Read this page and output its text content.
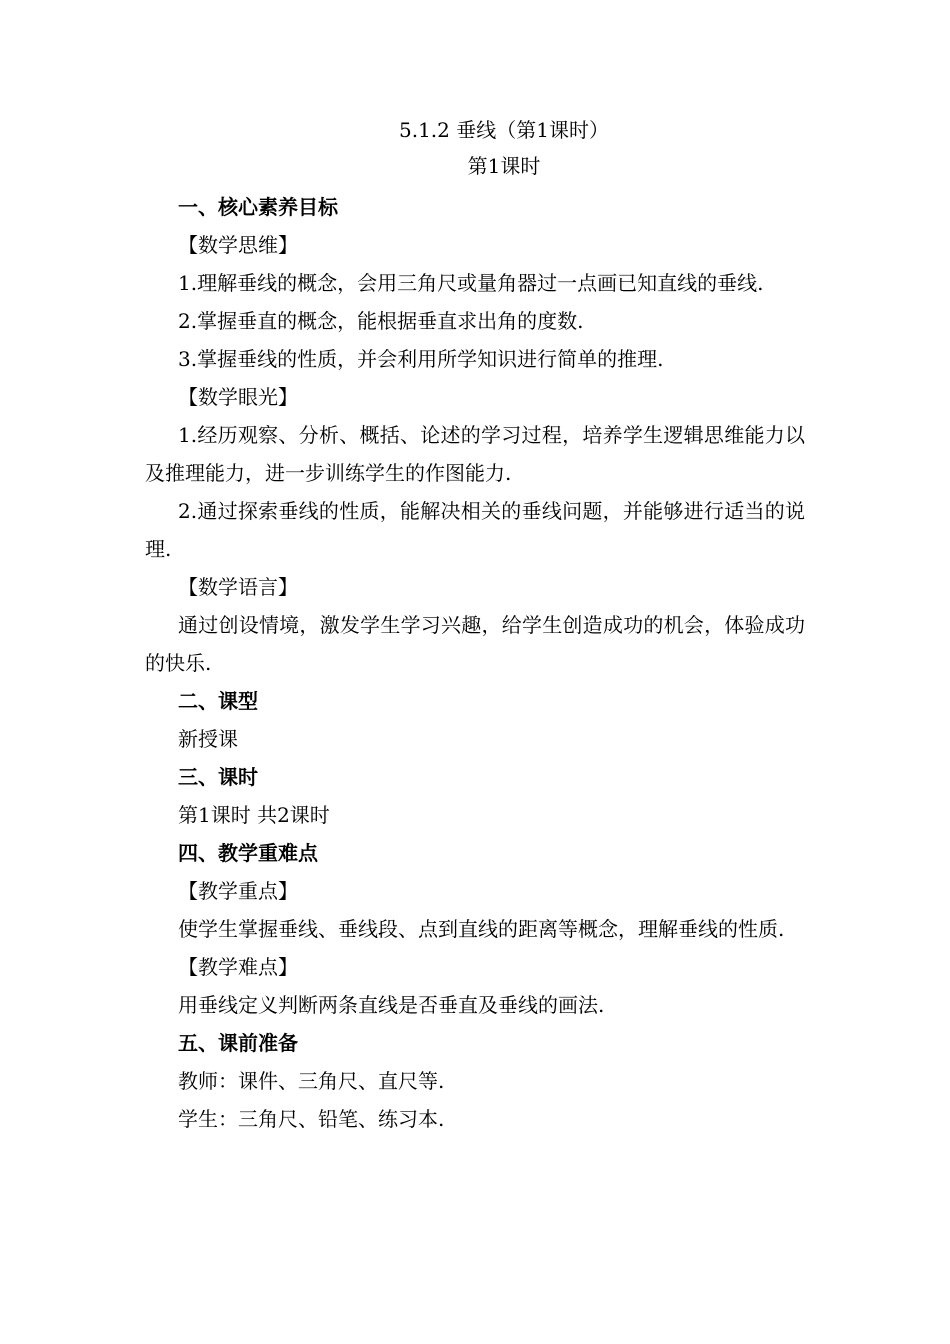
5.1.2 垂线（第1课时）
第1课时

一、核心素养目标

【数学思维】

1.理解垂线的概念，会用三角尺或量角器过一点画已知直线的垂线.

2.掌握垂直的概念，能根据垂直求出角的度数.

3.掌握垂线的性质，并会利用所学知识进行简单的推理.

【数学眼光】

1.经历观察、分析、概括、论述的学习过程，培养学生逻辑思维能力以及推理能力，进一步训练学生的作图能力.

2.通过探索垂线的性质，能解决相关的垂线问题，并能够进行适当的说理.

【数学语言】

通过创设情境，激发学生学习兴趣，给学生创造成功的机会，体验成功的快乐.

二、课型

新授课

三、课时

第1课时 共2课时

四、教学重难点

【教学重点】

使学生掌握垂线、垂线段、点到直线的距离等概念，理解垂线的性质.

【教学难点】

用垂线定义判断两条直线是否垂直及垂线的画法.

五、课前准备

教师：课件、三角尺、直尺等.

学生：三角尺、铅笔、练习本.
